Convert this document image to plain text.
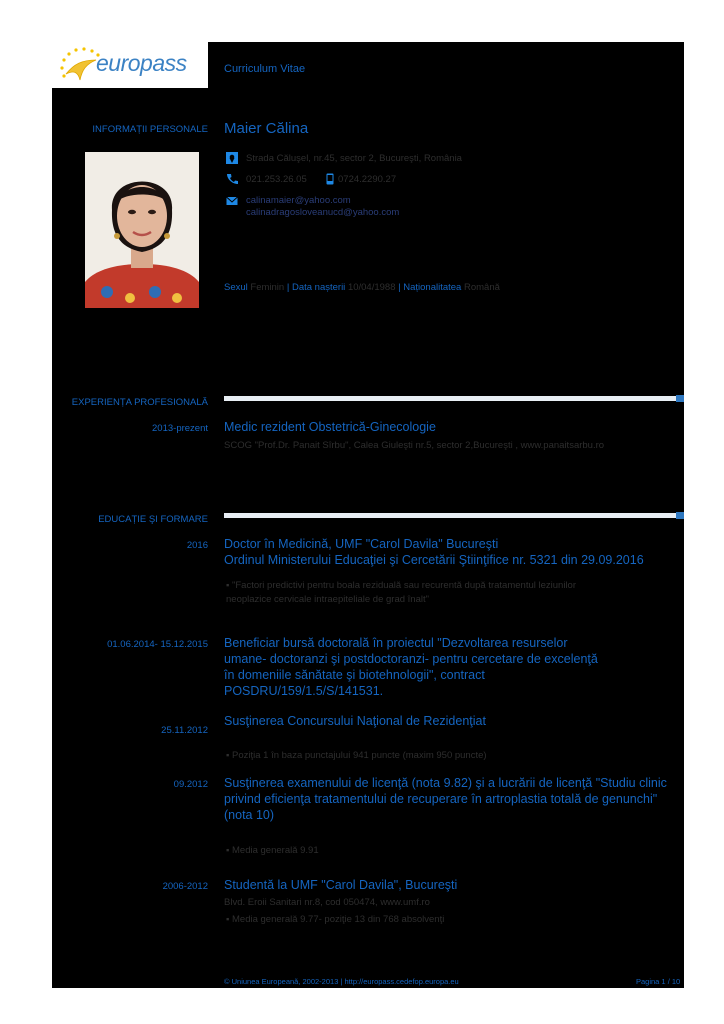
europass	Curriculum Vitae
INFORMAȚII PERSONALE Maier Călina
Strada Căluşel, nr.45, sector 2, Bucureşti, România
021.253.26.05	0724.2290.27
calinamaier@yahoo.com
calinadragosloveanucd@yahoo.com
Sexul Feminin | Data nașterii 10/04/1988 | Naționalitatea Română
EXPERIENȚA PROFESIONALĂ
2013-prezent Medic rezident Obstetrică-Ginecologie
SCOG "Prof.Dr. Panait Sîrbu", Calea Giuleşti nr.5, sector 2,Bucureşti , www.panaitsarbu.ro
EDUCAȚIE ŞI FORMARE
2016 Doctor în Medicină, UMF "Carol Davila" Bucureşti
Ordinul Ministerului Educaţiei şi Cercetării Ştiinţifice nr. 5321 din 29.09.2016
▪ "Factori predictivi pentru boala reziduală sau recurentă după tratamentul leziunilor
neoplazice cervicale intraepiteliale de grad înalt"
01.06.2014- 15.12.2015 Beneficiar bursă doctorală în proiectul "Dezvoltarea resurselor
umane- doctoranzi şi postdoctoranzi- pentru cercetare de excelenţă
în domeniile sănătate şi biotehnologii", contract
POSDRU/159/1.5/S/141531.
25.11.2012
Susţinerea Concursului Naţional de Rezidenţiat
▪ Poziţia 1 în baza punctajului 941 puncte (maxim 950 puncte)
09.2012 Susţinerea examenului de licenţă (nota 9.82) şi a lucrării de licenţă "Studiu clinic
privind eficienţa tratamentului de recuperare în artroplastia totală de genunchi"
(nota 10)
▪ Media generală 9.91
2006-2012 Studentă la UMF "Carol Davila", Bucureşti
Blvd. Eroii Sanitari nr.8, cod 050474, www.umf.ro
▪ Media generală 9.77- poziţie 13 din 768 absolvenţi
© Uniunea Europeană, 2002-2013 | http://europass.cedefop.europa.eu	Pagina 1 / 10
